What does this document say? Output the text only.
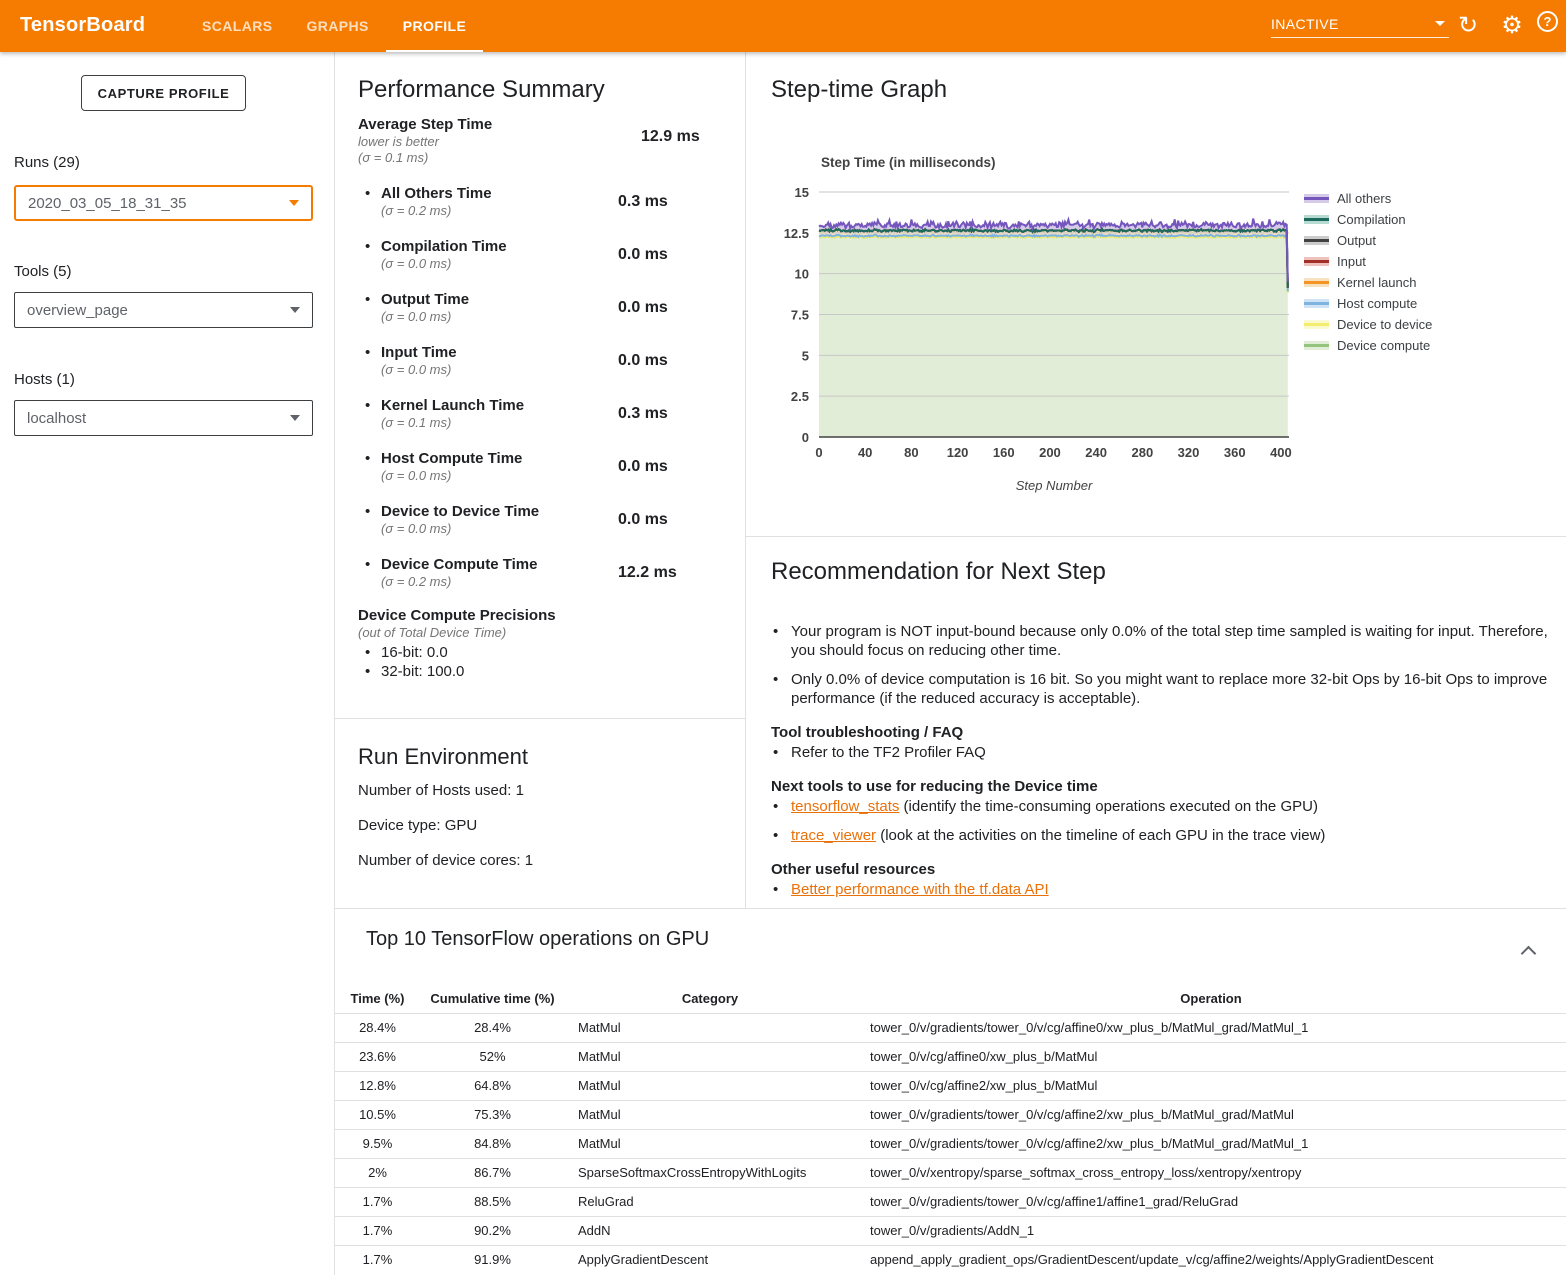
TensorBoard	SCALARS	GRAPHS	PROFILE	INACTIVE	↻ ⚙	?
CAPTURE PROFILE
Runs (29)
2020_03_05_18_31_35
Tools (5)
overview_page
Hosts (1)
localhost
Performance Summary
Average Step Time
lower is better
(σ = 0.1 ms)
12.9 ms
• All Others Time
(σ = 0.2 ms)
0.3 ms
• Compilation Time
(σ = 0.0 ms)
0.0 ms
• Output Time
(σ = 0.0 ms)
0.0 ms
• Input Time
(σ = 0.0 ms)
0.0 ms
• Kernel Launch Time
(σ = 0.1 ms)
0.3 ms
• Host Compute Time
(σ = 0.0 ms)
0.0 ms
• Device to Device Time
(σ = 0.0 ms)
0.0 ms
• Device Compute Time
(σ = 0.2 ms)
12.2 ms
Device Compute Precisions
(out of Total Device Time)
• 16-bit: 0.0
• 32-bit: 100.0
Run Environment
Number of Hosts used: 1
Device type: GPU
Number of device cores: 1
Step-time Graph
Step Time (in milliseconds)
0
2.5
5
7.5
10
12.5
15
0	40 80 120 160 200 240 280 320 360 400
Step Number
All others
Compilation
Output
Input
Kernel launch
Host compute
Device to device
Device compute
Recommendation for Next Step
• Your program is NOT input-bound because only 0.0% of the total step time sampled is waiting for input. Therefore, you should focus on reducing other time.
• Only 0.0% of device computation is 16 bit. So you might want to replace more 32-bit Ops by 16-bit Ops to improve performance (if the reduced accuracy is acceptable).
Tool troubleshooting / FAQ
• Refer to the TF2 Profiler FAQ
Next tools to use for reducing the Device time
• tensorflow_stats (identify the time-consuming operations executed on the GPU)
• trace_viewer (look at the activities on the timeline of each GPU in the trace view)
Other useful resources
• Better performance with the tf.data API
Top 10 TensorFlow operations on GPU
Time (%)	Cumulative time (%)	Category	Operation
28.4%	28.4%	MatMul	tower_0/v/gradients/tower_0/v/cg/affine0/xw_plus_b/MatMul_grad/MatMul_1
23.6%	52%	MatMul	tower_0/v/cg/affine0/xw_plus_b/MatMul
12.8%	64.8%	MatMul	tower_0/v/cg/affine2/xw_plus_b/MatMul
10.5%	75.3%	MatMul	tower_0/v/gradients/tower_0/v/cg/affine2/xw_plus_b/MatMul_grad/MatMul
9.5%	84.8%	MatMul	tower_0/v/gradients/tower_0/v/cg/affine2/xw_plus_b/MatMul_grad/MatMul_1
2%	86.7%	SparseSoftmaxCrossEntropyWithLogits	tower_0/v/xentropy/sparse_softmax_cross_entropy_loss/xentropy/xentropy
1.7%	88.5%	ReluGrad	tower_0/v/gradients/tower_0/v/cg/affine1/affine1_grad/ReluGrad
1.7%	90.2%	AddN	tower_0/v/gradients/AddN_1
1.7%	91.9%	ApplyGradientDescent	append_apply_gradient_ops/GradientDescent/update_v/cg/affine2/weights/ApplyGradientDescent
